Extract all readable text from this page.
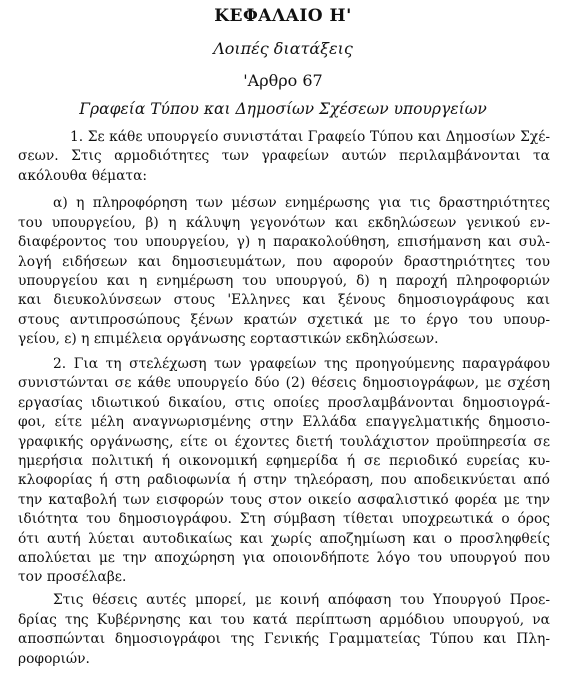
ΚΕΦΑΛΑΙΟ Η'
Λοιπές διατάξεις
'Αρθρο 67
Γραφεία Τύπου και Δημοσίων Σχέσεων υπουργείων
1. Σε κάθε υπουργείο συνιστάται Γραφείο Τύπου και Δημοσίων Σχέ-
σεων. Στις αρμοδιότητες των γραφείων αυτών περιλαμβάνονται τα
ακόλουθα θέματα:
α) η πληροφόρηση των μέσων ενημέρωσης για τις δραστηριότητες
του υπουργείου, β) η κάλυψη γεγονότων και εκδηλώσεων γενικού εν-
διαφέροντος του υπουργείου, γ) η παρακολούθηση, επισήμανση και συλ-
λογή ειδήσεων και δημοσιευμάτων, που αφορούν δραστηριότητες του
υπουργείου και η ενημέρωση του υπουργού, δ) η παροχή πληροφοριών
και διευκολύνσεων στους 'Ελληνες και ξένους δημοσιογράφους και
στους αντιπροσώπους ξένων κρατών σχετικά με το έργο του υπουρ-
γείου, ε) η επιμέλεια οργάνωσης εορταστικών εκδηλώσεων.
2. Για τη στελέχωση των γραφείων της προηγούμενης παραγράφου
συνιστώνται σε κάθε υπουργείο δύο (2) θέσεις δημοσιογράφων, με σχέση
εργασίας ιδιωτικού δικαίου, στις οποίες προσλαμβάνονται δημοσιογρά-
φοι, είτε μέλη αναγνωρισμένης στην Ελλάδα επαγγελματικής δημοσιο-
γραφικής οργάνωσης, είτε οι έχοντες διετή τουλάχιστον προϋπηρεσία σε
ημερήσια πολιτική ή οικονομική εφημερίδα ή σε περιοδικό ευρείας κυ-
κλοφορίας ή στη ραδιοφωνία ή στην τηλεόραση, που αποδεικνύεται από
την καταβολή των εισφορών τους στον οικείο ασφαλιστικό φορέα με την
ιδιότητα του δημοσιογράφου. Στη σύμβαση τίθεται υποχρεωτικά ο όρος
ότι αυτή λύεται αυτοδικαίως και χωρίς αποζημίωση και ο προσληφθείς
απολύεται με την αποχώρηση για οποιονδήποτε λόγο του υπουργού που
τον προσέλαβε.
Στις θέσεις αυτές μπορεί, με κοινή απόφαση του Υπουργού Προε-
δρίας της Κυβέρνησης και του κατά περίπτωση αρμόδιου υπουργού, να
αποσπώνται δημοσιογράφοι της Γενικής Γραμματείας Τύπου και Πλη-
ροφοριών.
